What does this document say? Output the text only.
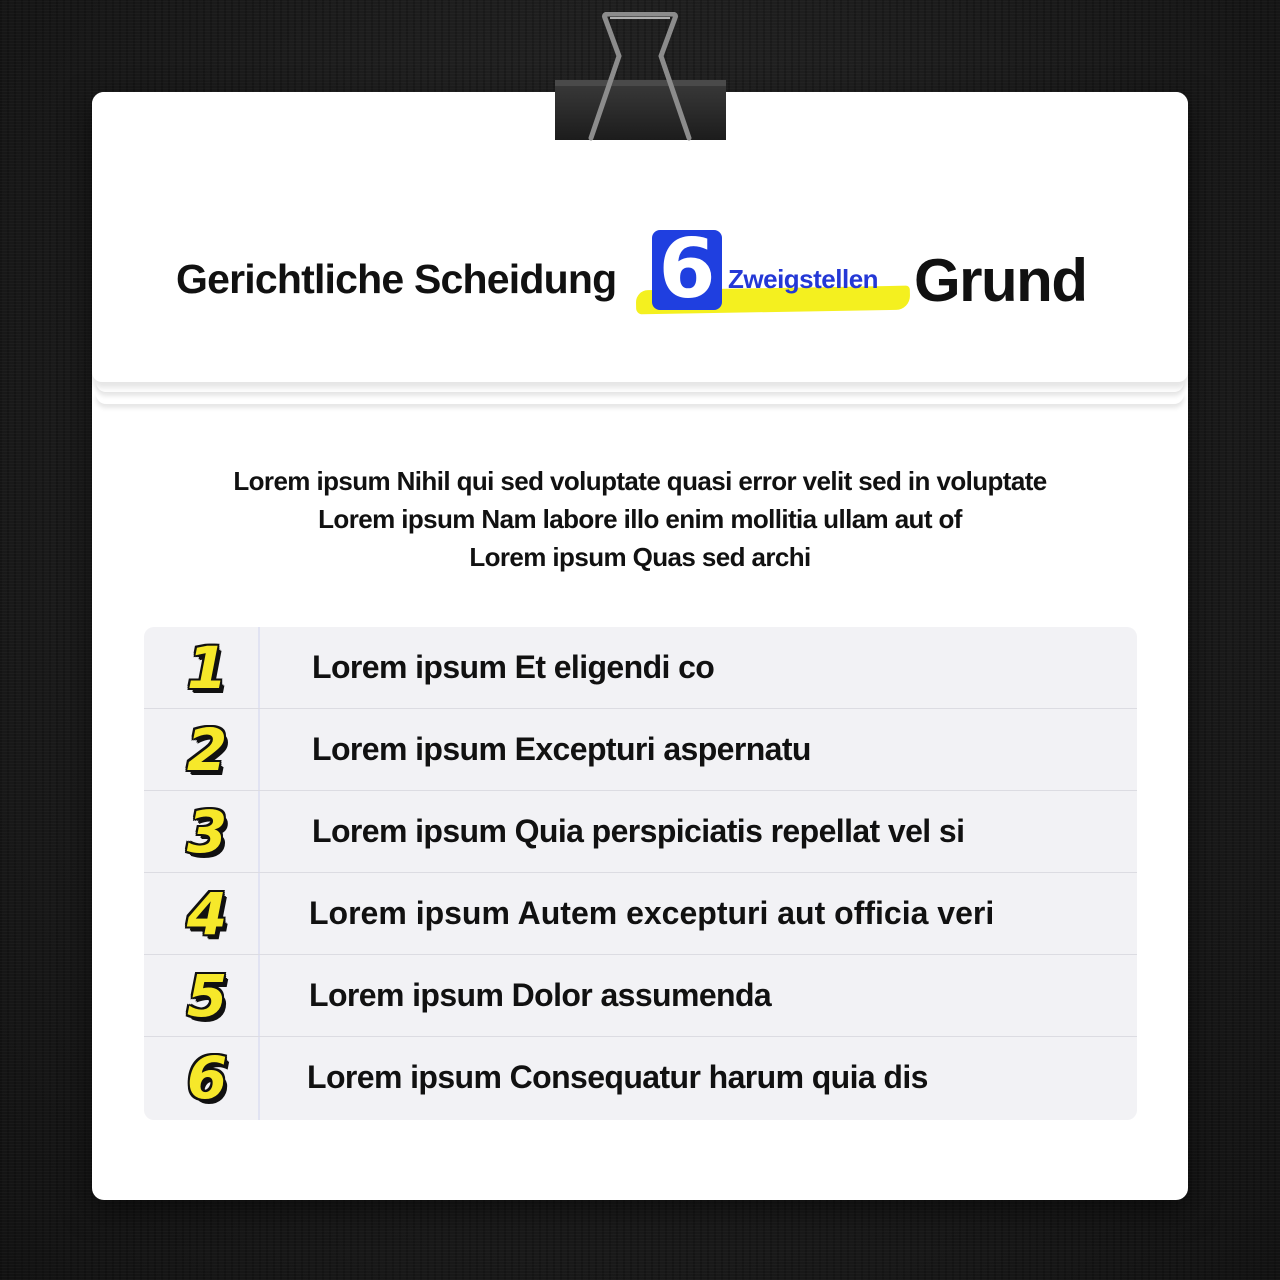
Gerichtliche Scheidung 6 Zweigstellen Grund
Lorem ipsum Nihil qui sed voluptate quasi error velit sed in voluptate
Lorem ipsum Nam labore illo enim mollitia ullam aut of
Lorem ipsum Quas sed archi
1	Lorem ipsum Et eligendi co
2	Lorem ipsum Excepturi aspernatu
3	Lorem ipsum Quia perspiciatis repellat vel si
4	Lorem ipsum Autem excepturi aut officia veri
5	Lorem ipsum Dolor assumenda
6	Lorem ipsum Consequatur harum quia dis
